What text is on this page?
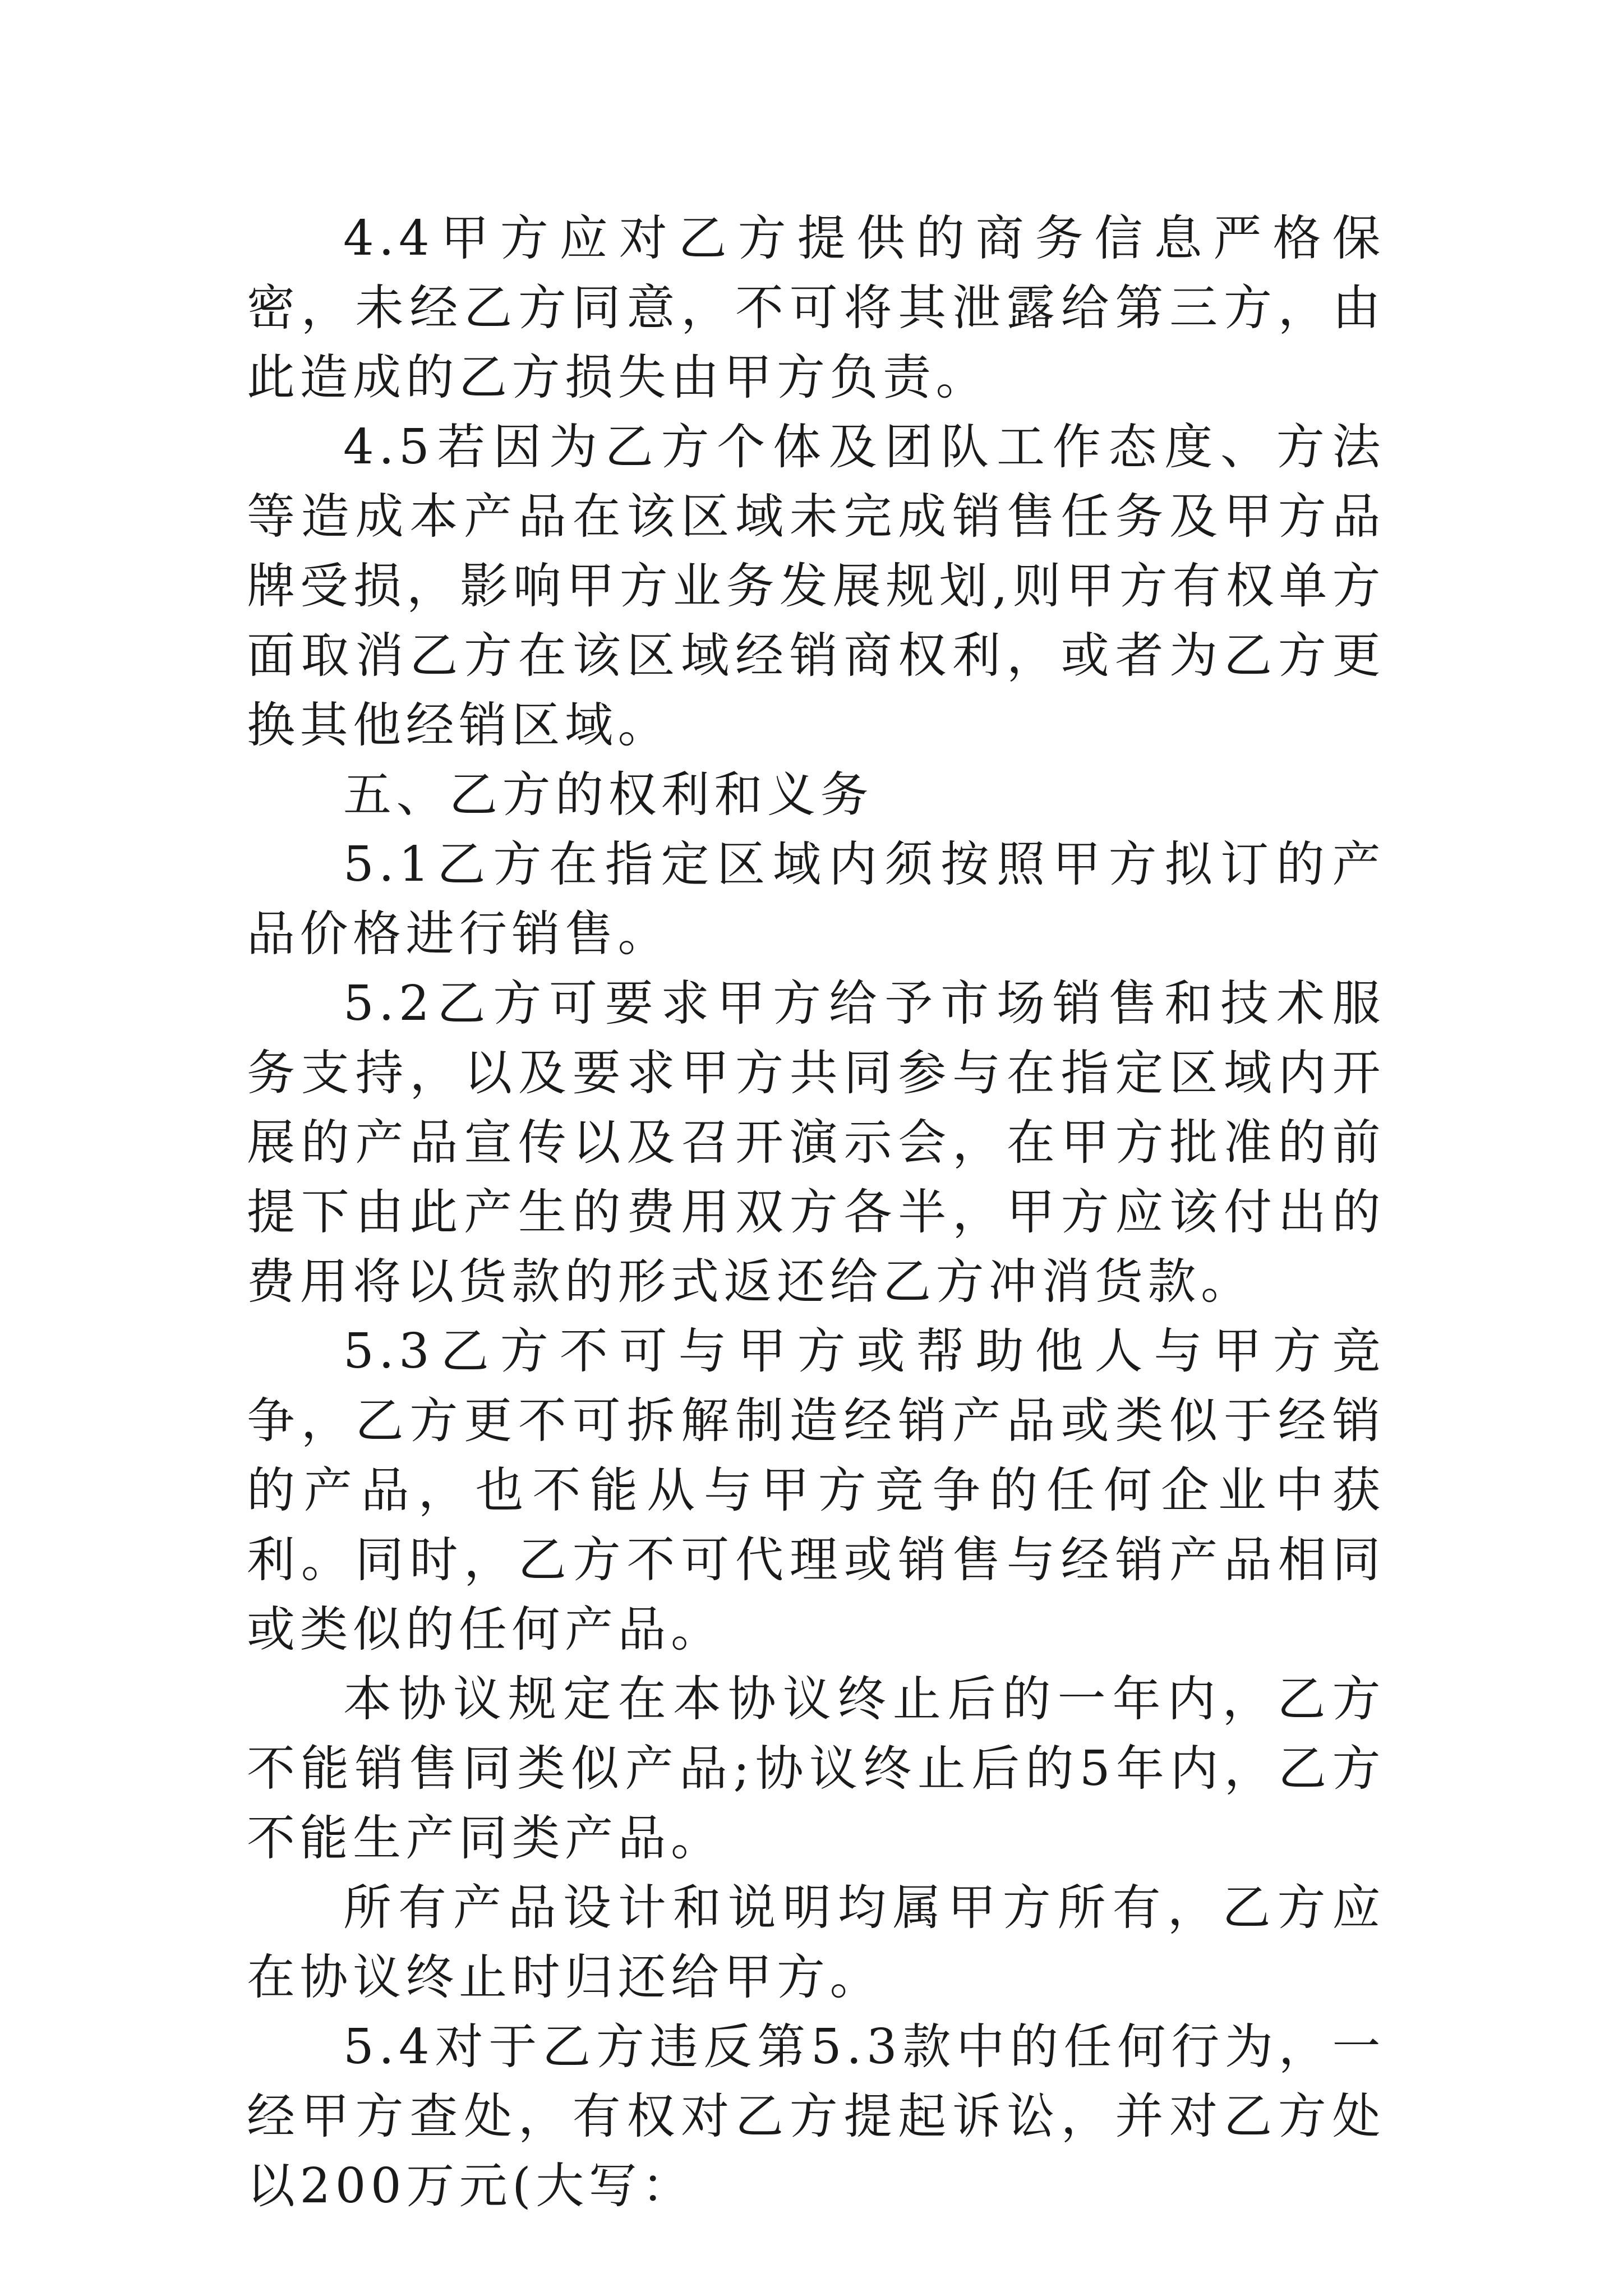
4.4甲方应对乙方提供的商务信息严格保密，未经乙方同意，不可将其泄露给第三方，由此造成的乙方损失由甲方负责。

4.5若因为乙方个体及团队工作态度、方法等造成本产品在该区域未完成销售任务及甲方品牌受损，影响甲方业务发展规划,则甲方有权单方面取消乙方在该区域经销商权利，或者为乙方更换其他经销区域。

五、乙方的权利和义务

5.1乙方在指定区域内须按照甲方拟订的产品价格进行销售。

5.2乙方可要求甲方给予市场销售和技术服务支持，以及要求甲方共同参与在指定区域内开展的产品宣传以及召开演示会，在甲方批准的前提下由此产生的费用双方各半，甲方应该付出的费用将以货款的形式返还给乙方冲消货款。

5.3乙方不可与甲方或帮助他人与甲方竞争，乙方更不可拆解制造经销产品或类似于经销的产品，也不能从与甲方竞争的任何企业中获利。同时，乙方不可代理或销售与经销产品相同或类似的任何产品。

本协议规定在本协议终止后的一年内，乙方不能销售同类似产品;协议终止后的5年内，乙方不能生产同类产品。

所有产品设计和说明均属甲方所有，乙方应在协议终止时归还给甲方。

5.4对于乙方违反第5.3款中的任何行为，一经甲方查处，有权对乙方提起诉讼，并对乙方处以200万元(大写：
